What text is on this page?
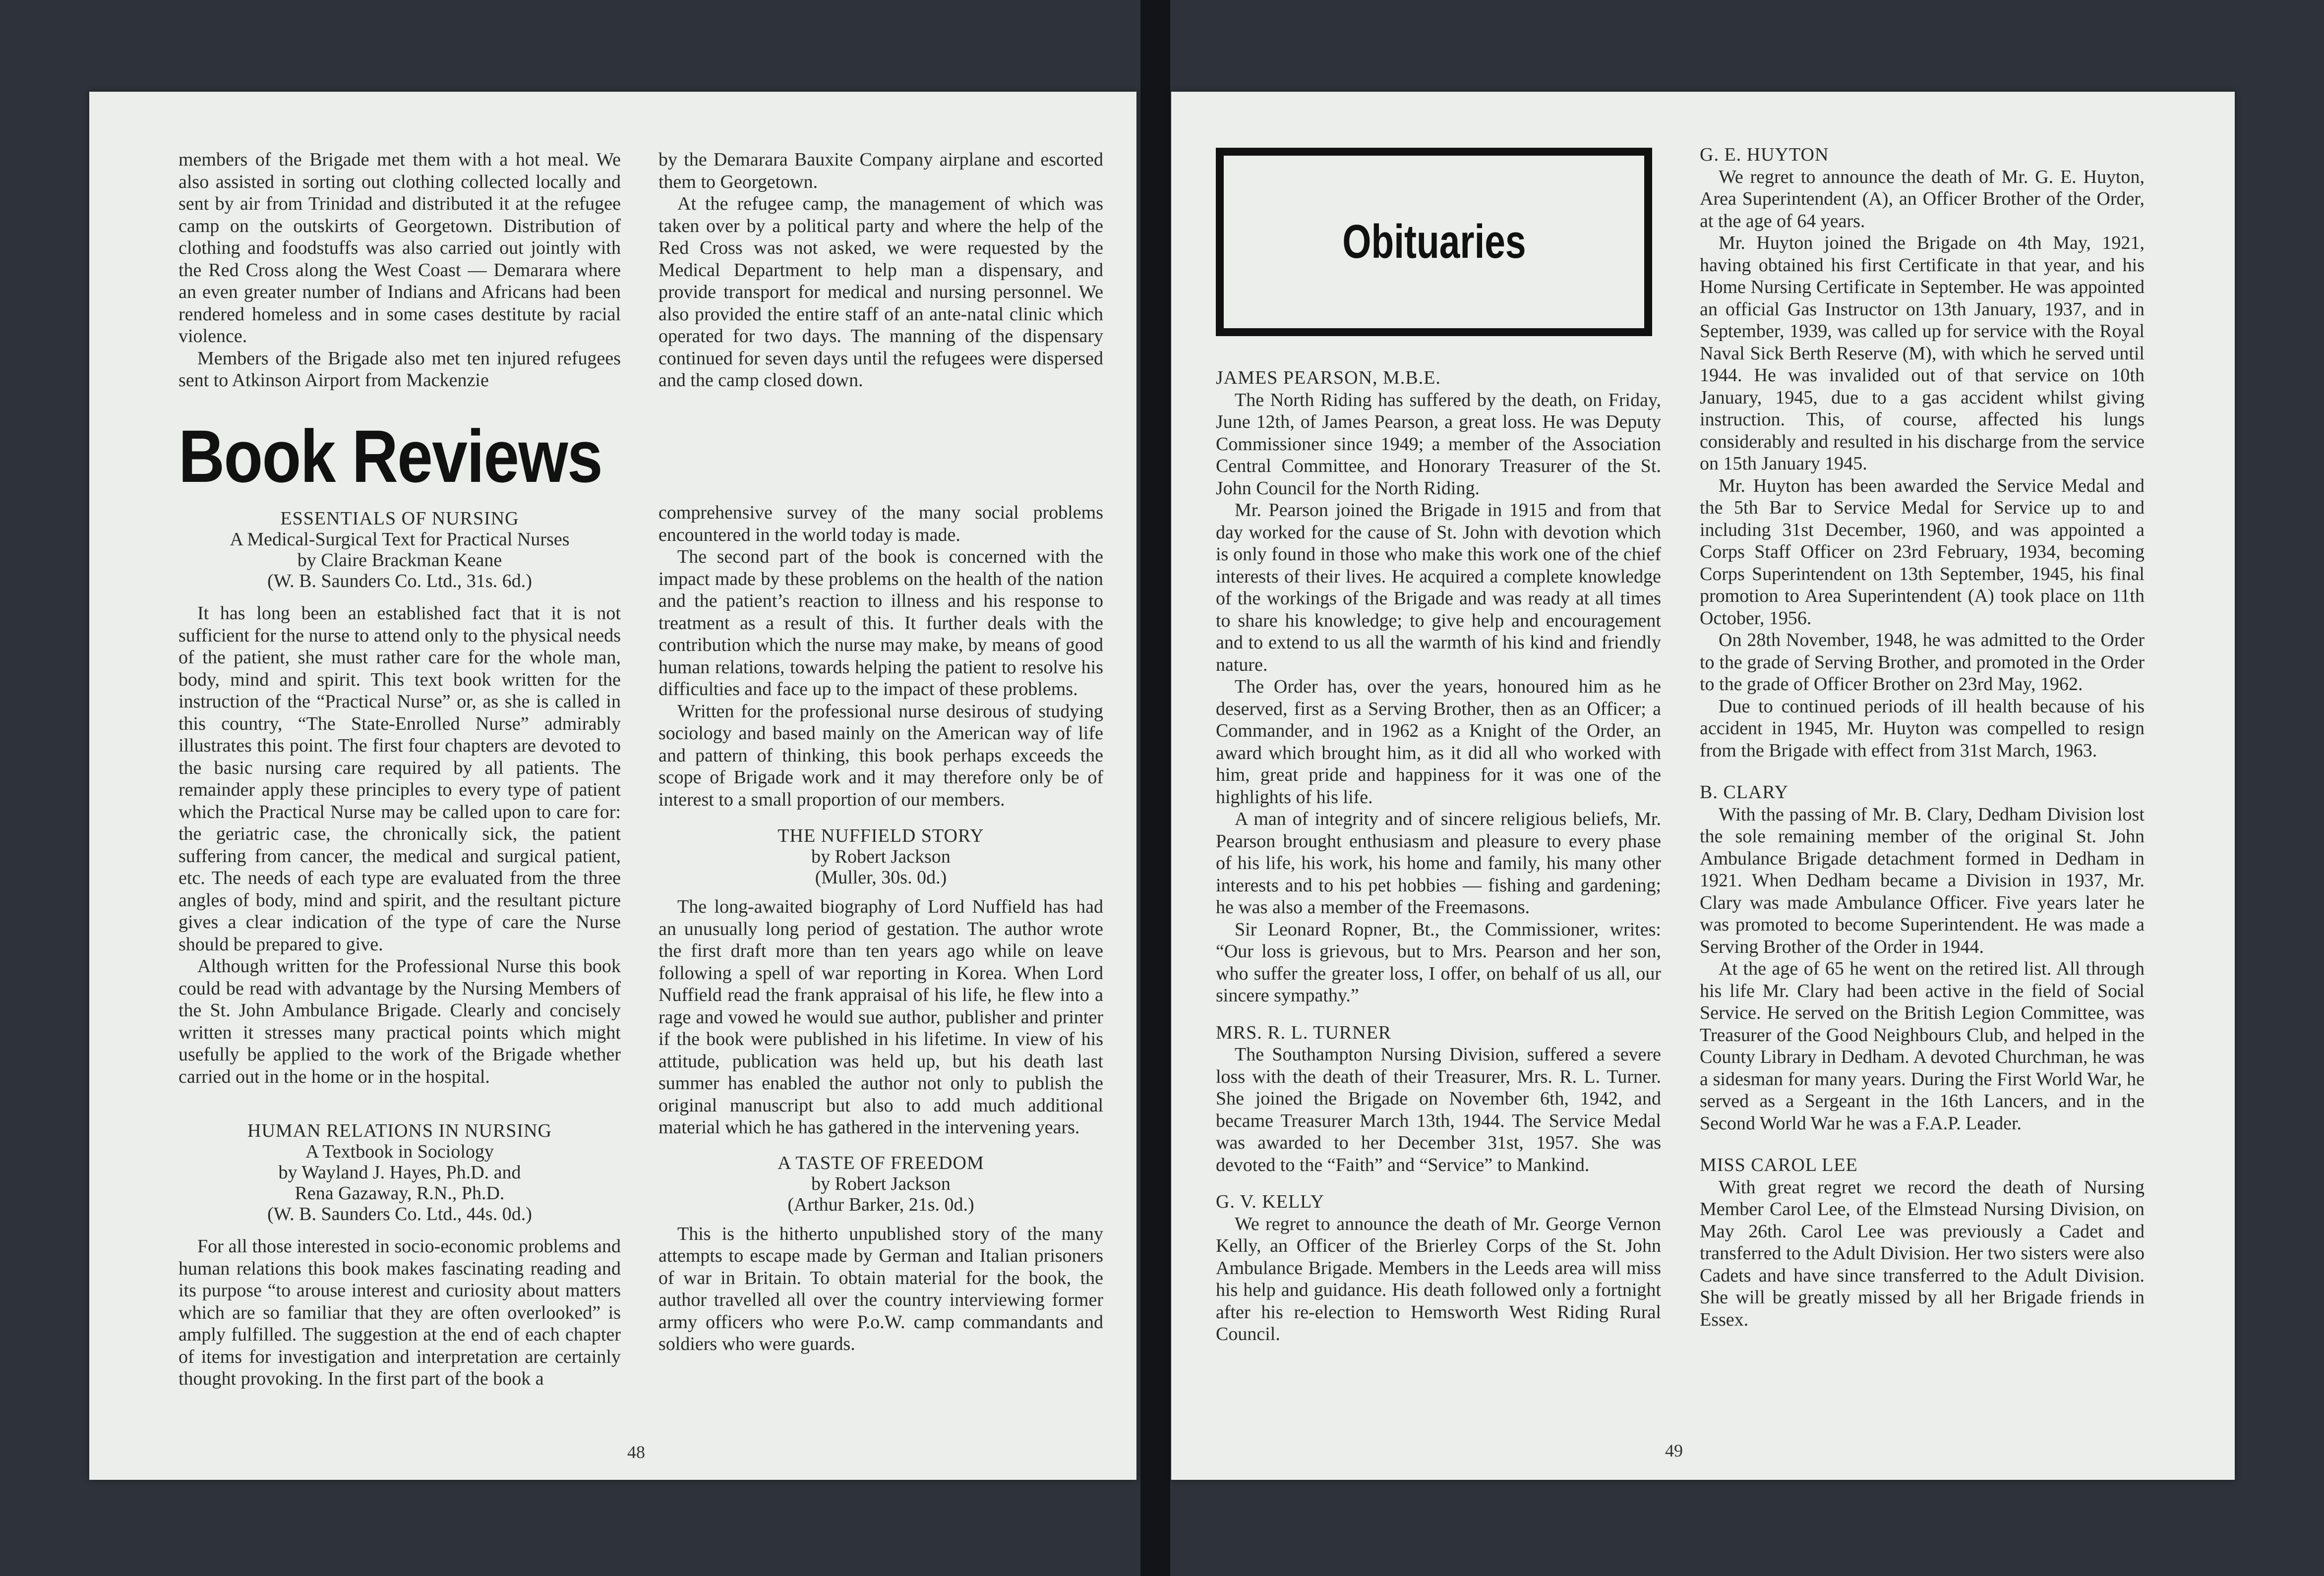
members of the Brigade met them with a hot meal. We also assisted in sorting out clothing collected locally and sent by air from Trinidad and distributed it at the refugee camp on the outskirts of Georgetown. Distribution of clothing and foodstuffs was also carried out jointly with the Red Cross along the West Coast — Demarara where an even greater number of Indians and Africans had been rendered homeless and in some cases destitute by racial violence.

Members of the Brigade also met ten injured refugees sent to Atkinson Airport from Mackenzie

by the Demarara Bauxite Company airplane and escorted them to Georgetown.

At the refugee camp, the management of which was taken over by a political party and where the help of the Red Cross was not asked, we were requested by the Medical Department to help man a dispensary, and provide transport for medical and nursing personnel. We also provided the entire staff of an ante-natal clinic which operated for two days. The manning of the dispensary continued for seven days until the refugees were dispersed and the camp closed down.

Book Reviews
ESSENTIALS OF NURSING
A Medical-Surgical Text for Practical Nurses
by Claire Brackman Keane
(W. B. Saunders Co. Ltd., 31s. 6d.)

It has long been an established fact that it is not sufficient for the nurse to attend only to the physical needs of the patient, she must rather care for the whole man, body, mind and spirit. This text book written for the instruction of the “Practical Nurse” or, as she is called in this country, “The State-Enrolled Nurse” admirably illustrates this point. The first four chapters are devoted to the basic nursing care required by all patients. The remainder apply these principles to every type of patient which the Practical Nurse may be called upon to care for: the geriatric case, the chronically sick, the patient suffering from cancer, the medical and surgical patient, etc. The needs of each type are evaluated from the three angles of body, mind and spirit, and the resultant picture gives a clear indication of the type of care the Nurse should be prepared to give.

Although written for the Professional Nurse this book could be read with advantage by the Nursing Members of the St. John Ambulance Brigade. Clearly and concisely written it stresses many practical points which might usefully be applied to the work of the Brigade whether carried out in the home or in the hospital.

HUMAN RELATIONS IN NURSING
A Textbook in Sociology
by Wayland J. Hayes, Ph.D. and
Rena Gazaway, R.N., Ph.D.
(W. B. Saunders Co. Ltd., 44s. 0d.)

For all those interested in socio-economic problems and human relations this book makes fascinating reading and its purpose “to arouse interest and curiosity about matters which are so familiar that they are often overlooked” is amply fulfilled. The suggestion at the end of each chapter of items for investigation and interpretation are certainly thought provoking. In the first part of the book a

comprehensive survey of the many social problems encountered in the world today is made.

The second part of the book is concerned with the impact made by these problems on the health of the nation and the patient’s reaction to illness and his response to treatment as a result of this. It further deals with the contribution which the nurse may make, by means of good human relations, towards helping the patient to resolve his difficulties and face up to the impact of these problems.

Written for the professional nurse desirous of studying sociology and based mainly on the American way of life and pattern of thinking, this book perhaps exceeds the scope of Brigade work and it may therefore only be of interest to a small proportion of our members.

THE NUFFIELD STORY
by Robert Jackson
(Muller, 30s. 0d.)

The long-awaited biography of Lord Nuffield has had an unusually long period of gestation. The author wrote the first draft more than ten years ago while on leave following a spell of war reporting in Korea. When Lord Nuffield read the frank appraisal of his life, he flew into a rage and vowed he would sue author, publisher and printer if the book were published in his lifetime. In view of his attitude, publication was held up, but his death last summer has enabled the author not only to publish the original manuscript but also to add much additional material which he has gathered in the intervening years.

A TASTE OF FREEDOM
by Robert Jackson
(Arthur Barker, 21s. 0d.)

This is the hitherto unpublished story of the many attempts to escape made by German and Italian prisoners of war in Britain. To obtain material for the book, the author travelled all over the country interviewing former army officers who were P.o.W. camp commandants and soldiers who were guards.

48
Obituaries

JAMES PEARSON, M.B.E.

The North Riding has suffered by the death, on Friday, June 12th, of James Pearson, a great loss. He was Deputy Commissioner since 1949; a member of the Association Central Committee, and Honorary Treasurer of the St. John Council for the North Riding.

Mr. Pearson joined the Brigade in 1915 and from that day worked for the cause of St. John with devotion which is only found in those who make this work one of the chief interests of their lives. He acquired a complete knowledge of the workings of the Brigade and was ready at all times to share his knowledge; to give help and encouragement and to extend to us all the warmth of his kind and friendly nature.

The Order has, over the years, honoured him as he deserved, first as a Serving Brother, then as an Officer; a Commander, and in 1962 as a Knight of the Order, an award which brought him, as it did all who worked with him, great pride and happiness for it was one of the highlights of his life.

A man of integrity and of sincere religious beliefs, Mr. Pearson brought enthusiasm and pleasure to every phase of his life, his work, his home and family, his many other interests and to his pet hobbies — fishing and gardening; he was also a member of the Freemasons.

Sir Leonard Ropner, Bt., the Commissioner, writes: “Our loss is grievous, but to Mrs. Pearson and her son, who suffer the greater loss, I offer, on behalf of us all, our sincere sympathy.”

MRS. R. L. TURNER

The Southampton Nursing Division, suffered a severe loss with the death of their Treasurer, Mrs. R. L. Turner. She joined the Brigade on November 6th, 1942, and became Treasurer March 13th, 1944. The Service Medal was awarded to her December 31st, 1957. She was devoted to the “Faith” and “Service” to Mankind.

G. V. KELLY

We regret to announce the death of Mr. George Vernon Kelly, an Officer of the Brierley Corps of the St. John Ambulance Brigade. Members in the Leeds area will miss his help and guidance. His death followed only a fortnight after his re-election to Hemsworth West Riding Rural Council.

G. E. HUYTON

We regret to announce the death of Mr. G. E. Huyton, Area Superintendent (A), an Officer Brother of the Order, at the age of 64 years.

Mr. Huyton joined the Brigade on 4th May, 1921, having obtained his first Certificate in that year, and his Home Nursing Certificate in September. He was appointed an official Gas Instructor on 13th January, 1937, and in September, 1939, was called up for service with the Royal Naval Sick Berth Reserve (M), with which he served until 1944. He was invalided out of that service on 10th January, 1945, due to a gas accident whilst giving instruction. This, of course, affected his lungs considerably and resulted in his discharge from the service on 15th January 1945.

Mr. Huyton has been awarded the Service Medal and the 5th Bar to Service Medal for Service up to and including 31st December, 1960, and was appointed a Corps Staff Officer on 23rd February, 1934, becoming Corps Superintendent on 13th September, 1945, his final promotion to Area Superintendent (A) took place on 11th October, 1956.

On 28th November, 1948, he was admitted to the Order to the grade of Serving Brother, and promoted in the Order to the grade of Officer Brother on 23rd May, 1962.

Due to continued periods of ill health because of his accident in 1945, Mr. Huyton was compelled to resign from the Brigade with effect from 31st March, 1963.

B. CLARY

With the passing of Mr. B. Clary, Dedham Division lost the sole remaining member of the original St. John Ambulance Brigade detachment formed in Dedham in 1921. When Dedham became a Division in 1937, Mr. Clary was made Ambulance Officer. Five years later he was promoted to become Superintendent. He was made a Serving Brother of the Order in 1944.

At the age of 65 he went on the retired list. All through his life Mr. Clary had been active in the field of Social Service. He served on the British Legion Committee, was Treasurer of the Good Neighbours Club, and helped in the County Library in Dedham. A devoted Churchman, he was a sidesman for many years. During the First World War, he served as a Sergeant in the 16th Lancers, and in the Second World War he was a F.A.P. Leader.

MISS CAROL LEE

With great regret we record the death of Nursing Member Carol Lee, of the Elmstead Nursing Division, on May 26th. Carol Lee was previously a Cadet and transferred to the Adult Division. Her two sisters were also Cadets and have since transferred to the Adult Division. She will be greatly missed by all her Brigade friends in Essex.

49
